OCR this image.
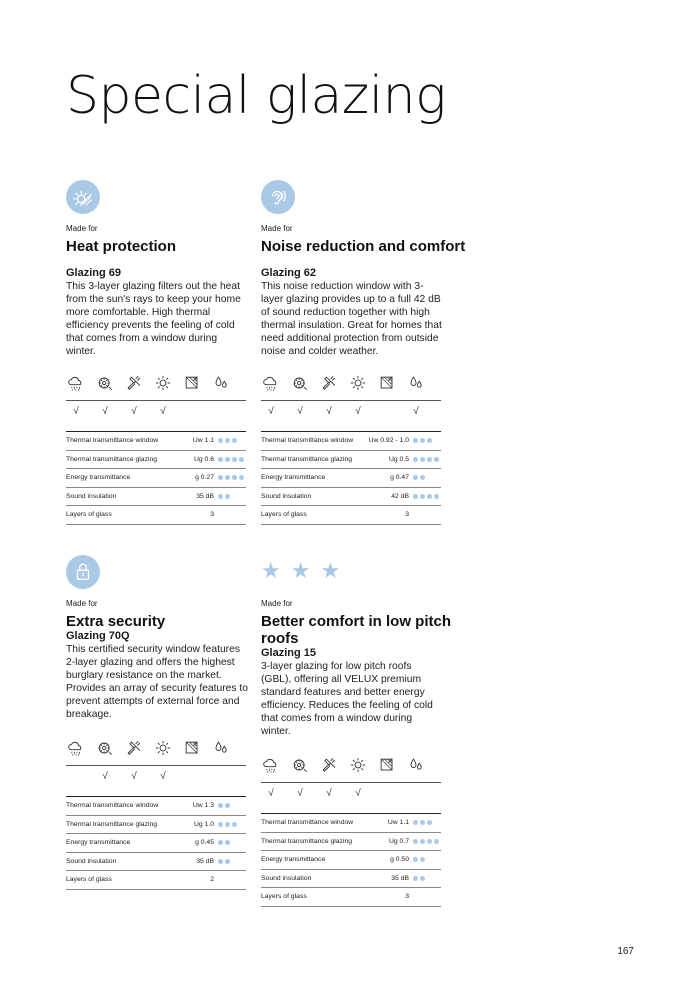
Special glazing
Made for
Heat protection
Glazing 69
This 3-layer glazing filters out the heat from the sun's rays to keep your home more comfortable. High thermal efficiency prevents the feeling of cold that comes from a window during winter.
√	√	√	√
Thermal transmittance window	Uw 1.1
Thermal transmittance glazing	Ug 0.6
Energy transmittance	g 0.27
Sound insulation	35 dB
Layers of glass	3
Made for
Noise reduction and comfort
Glazing 62
This noise reduction window with 3-layer glazing provides up to a full 42 dB of sound reduction together with high thermal insulation. Great for homes that need additional protection from outside noise and colder weather.
√	√	√	√	√
Thermal transmittance window	Uw 0.92 - 1.0
Thermal transmittance glazing	Ug 0.5
Energy transmittance	g 0.47
Sound insulation	42 dB
Layers of glass	3
Made for
Extra security
Glazing 70Q
This certified security window features 2-layer glazing and offers the highest burglary resistance on the market. Provides an array of security features to prevent attempts of external force and breakage.
√	√	√
Thermal transmittance window	Uw 1.3
Thermal transmittance glazing	Ug 1.0
Energy transmittance	g 0.45
Sound insulation	35 dB
Layers of glass	2
★ ★ ★
Made for
Better comfort in low pitch roofs
Glazing 15
3-layer glazing for low pitch roofs (GBL), offering all VELUX premium standard features and better energy efficiency. Reduces the feeling of cold that comes from a window during winter.
√	√	√	√
Thermal transmittance window	Uw 1.1
Thermal transmittance glazing	Ug 0.7
Energy transmittance	g 0.50
Sound insulation	35 dB
Layers of glass	3
167
